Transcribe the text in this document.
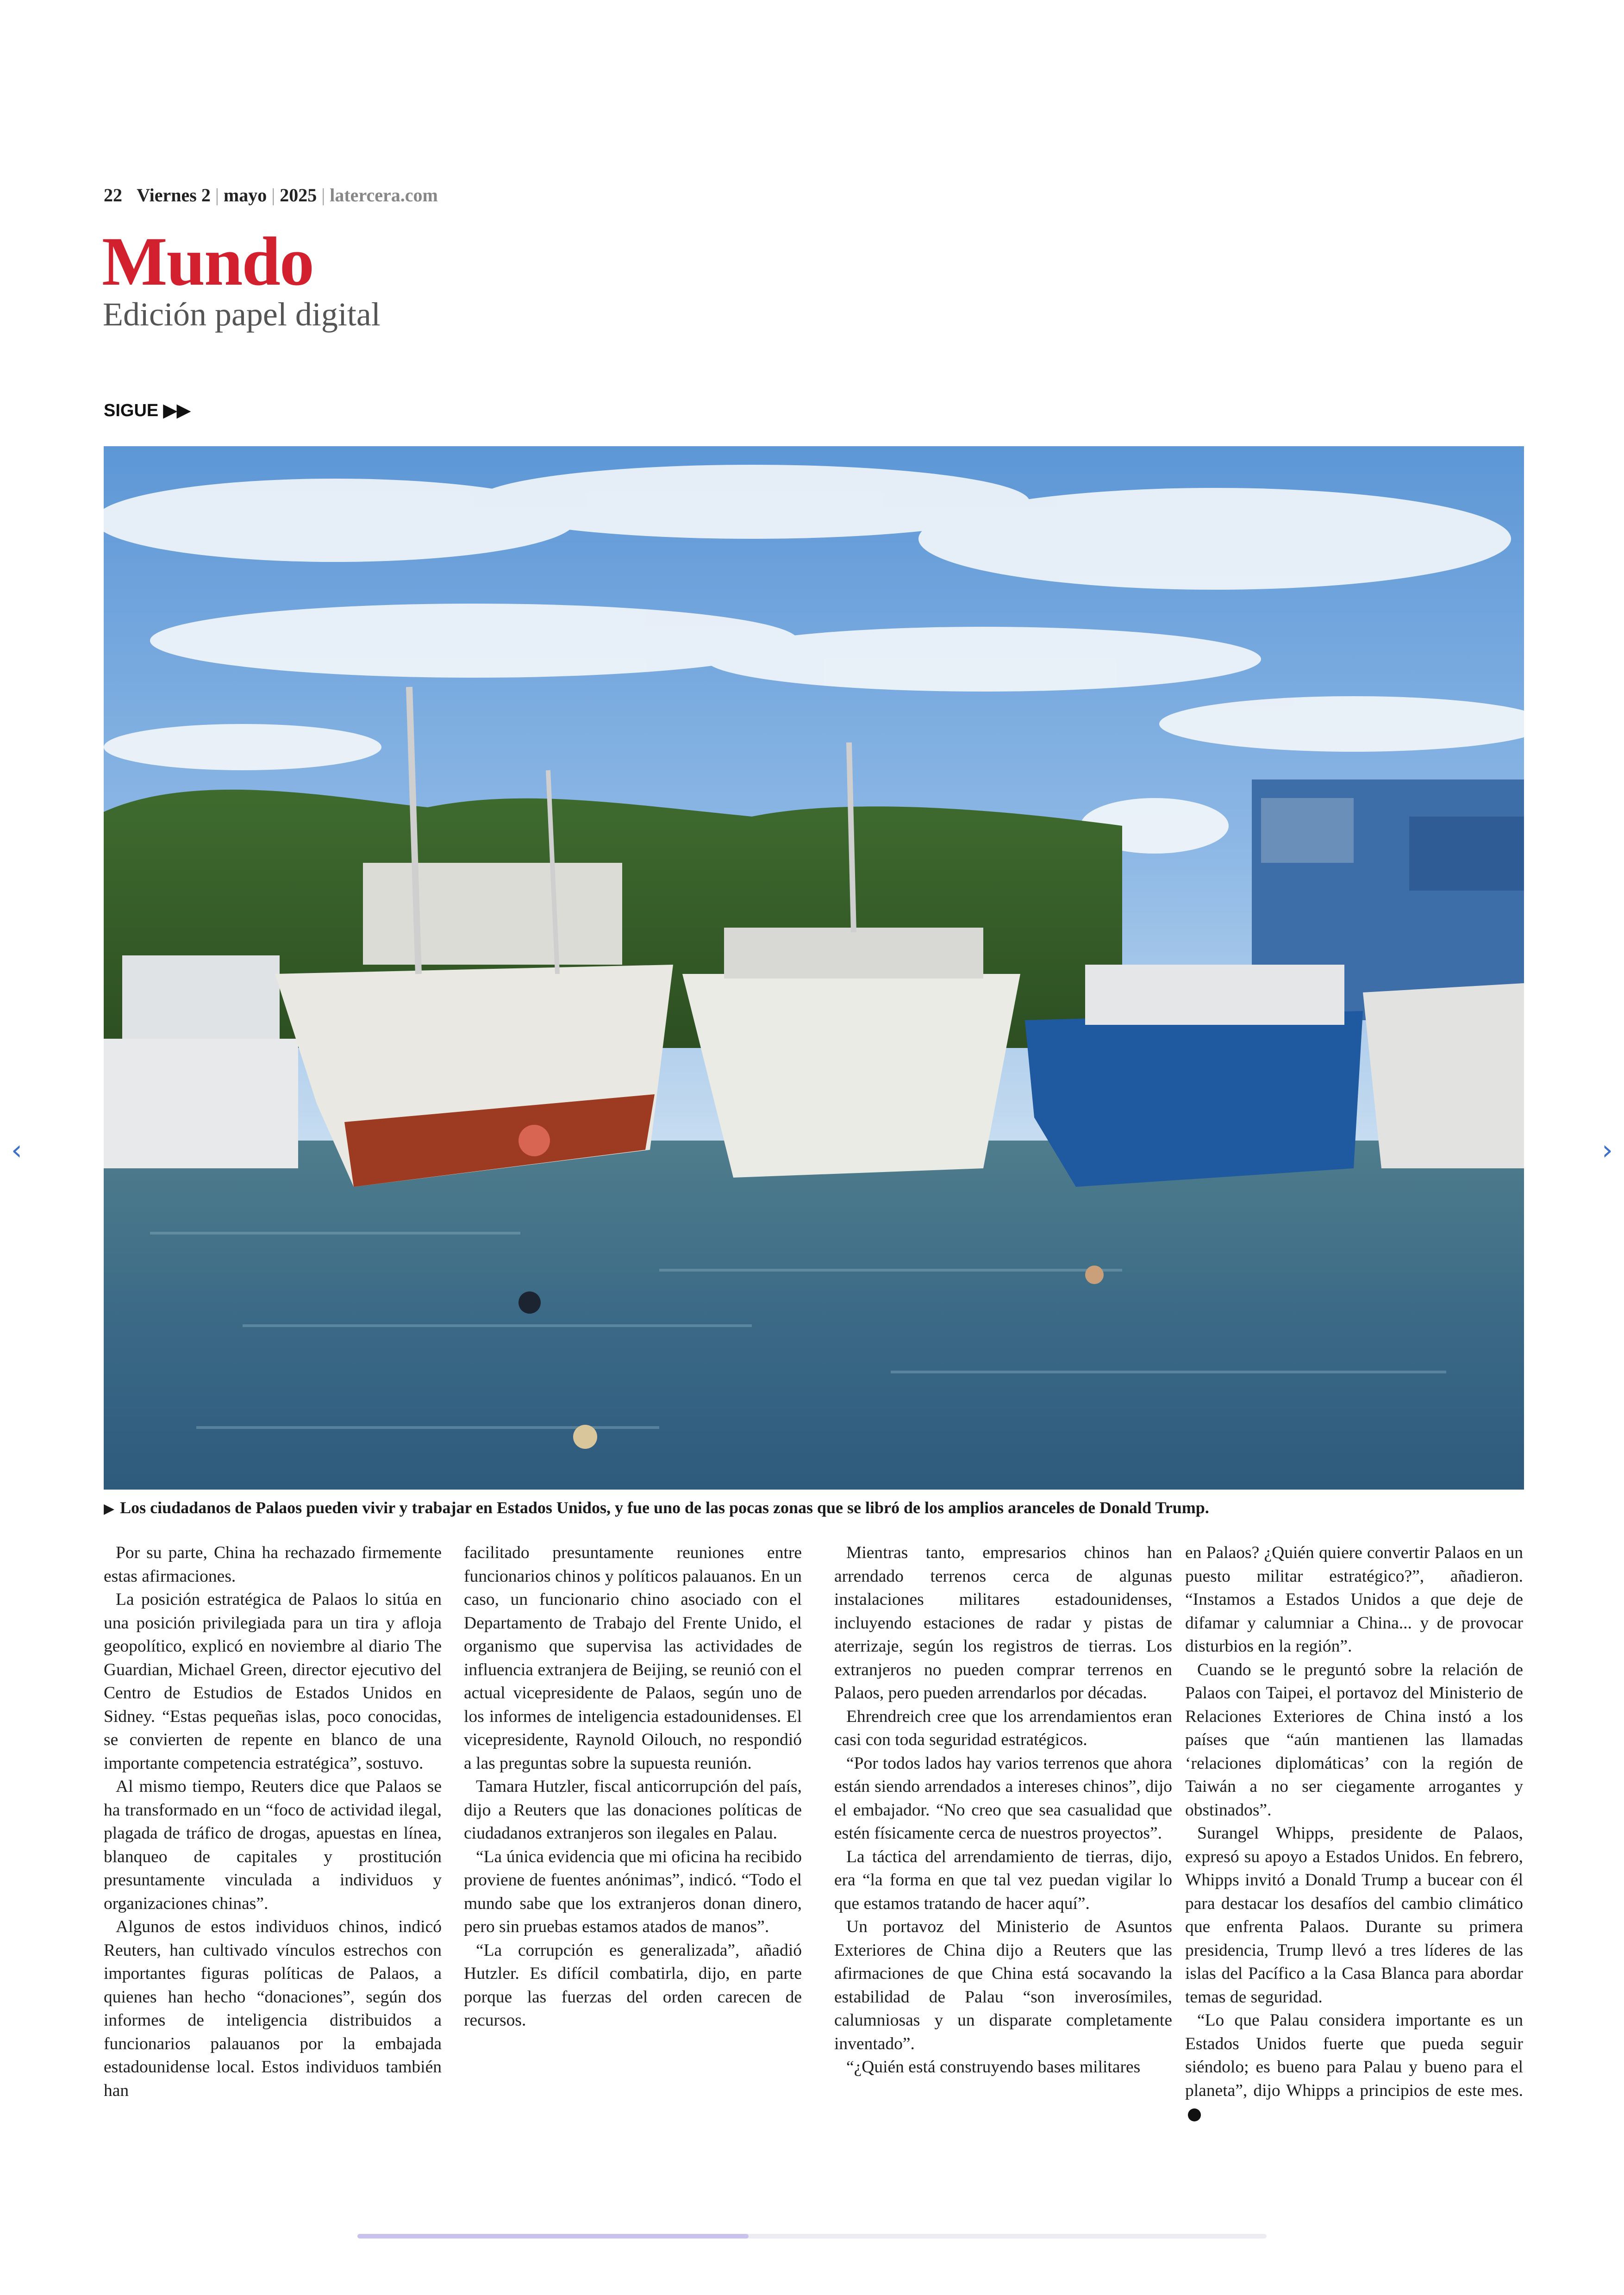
22 Viernes 2 | mayo | 2025 | latercera.com
Mundo
Edición papel digital
SIGUE ▶▶
‹	›
▶ Los ciudadanos de Palaos pueden vivir y trabajar en Estados Unidos, y fue uno de las pocas zonas que se libró de los amplios aranceles de Donald Trump.

Por su parte, China ha rechazado firmemente estas afirmaciones.

La posición estratégica de Palaos lo sitúa en una posición privilegiada para un tira y afloja geopolítico, explicó en noviembre al diario The Guardian, Michael Green, director ejecutivo del Centro de Estudios de Estados Unidos en Sidney. “Estas pequeñas islas, poco conocidas, se convierten de repente en blanco de una importante competencia estratégica”, sostuvo.

Al mismo tiempo, Reuters dice que Palaos se ha transformado en un “foco de actividad ilegal, plagada de tráfico de drogas, apuestas en línea, blanqueo de capitales y prostitución presuntamente vinculada a individuos y organizaciones chinas”.

Algunos de estos individuos chinos, indicó Reuters, han cultivado vínculos estrechos con importantes figuras políticas de Palaos, a quienes han hecho “donaciones”, según dos informes de inteligencia distribuidos a funcionarios palauanos por la embajada estadounidense local. Estos individuos también han

facilitado presuntamente reuniones entre funcionarios chinos y políticos palauanos. En un caso, un funcionario chino asociado con el Departamento de Trabajo del Frente Unido, el organismo que supervisa las actividades de influencia extranjera de Beijing, se reunió con el actual vicepresidente de Palaos, según uno de los informes de inteligencia estadounidenses. El vicepresidente, Raynold Oilouch, no respondió a las preguntas sobre la supuesta reunión.

Tamara Hutzler, fiscal anticorrupción del país, dijo a Reuters que las donaciones políticas de ciudadanos extranjeros son ilegales en Palau.

“La única evidencia que mi oficina ha recibido proviene de fuentes anónimas”, indicó. “Todo el mundo sabe que los extranjeros donan dinero, pero sin pruebas estamos atados de manos”.

“La corrupción es generalizada”, añadió Hutzler. Es difícil combatirla, dijo, en parte porque las fuerzas del orden carecen de recursos.

Mientras tanto, empresarios chinos han arrendado terrenos cerca de algunas instalaciones militares estadounidenses, incluyendo estaciones de radar y pistas de aterrizaje, según los registros de tierras. Los extranjeros no pueden comprar terrenos en Palaos, pero pueden arrendarlos por décadas.

Ehrendreich cree que los arrendamientos eran casi con toda seguridad estratégicos.

“Por todos lados hay varios terrenos que ahora están siendo arrendados a intereses chinos”, dijo el embajador. “No creo que sea casualidad que estén físicamente cerca de nuestros proyectos”.

La táctica del arrendamiento de tierras, dijo, era “la forma en que tal vez puedan vigilar lo que estamos tratando de hacer aquí”.

Un portavoz del Ministerio de Asuntos Exteriores de China dijo a Reuters que las afirmaciones de que China está socavando la estabilidad de Palau “son inverosímiles, calumniosas y un disparate completamente inventado”.

“¿Quién está construyendo bases militares

en Palaos? ¿Quién quiere convertir Palaos en un puesto militar estratégico?”, añadieron. “Instamos a Estados Unidos a que deje de difamar y calumniar a China... y de provocar disturbios en la región”.

Cuando se le preguntó sobre la relación de Palaos con Taipei, el portavoz del Ministerio de Relaciones Exteriores de China instó a los países que “aún mantienen las llamadas ‘relaciones diplomáticas’ con la región de Taiwán a no ser ciegamente arrogantes y obstinados”.

Surangel Whipps, presidente de Palaos, expresó su apoyo a Estados Unidos. En febrero, Whipps invitó a Donald Trump a bucear con él para destacar los desafíos del cambio climático que enfrenta Palaos. Durante su primera presidencia, Trump llevó a tres líderes de las islas del Pacífico a la Casa Blanca para abordar temas de seguridad.

“Lo que Palau considera importante es un Estados Unidos fuerte que pueda seguir siéndolo; es bueno para Palau y bueno para el planeta”, dijo Whipps a principios de este mes.
